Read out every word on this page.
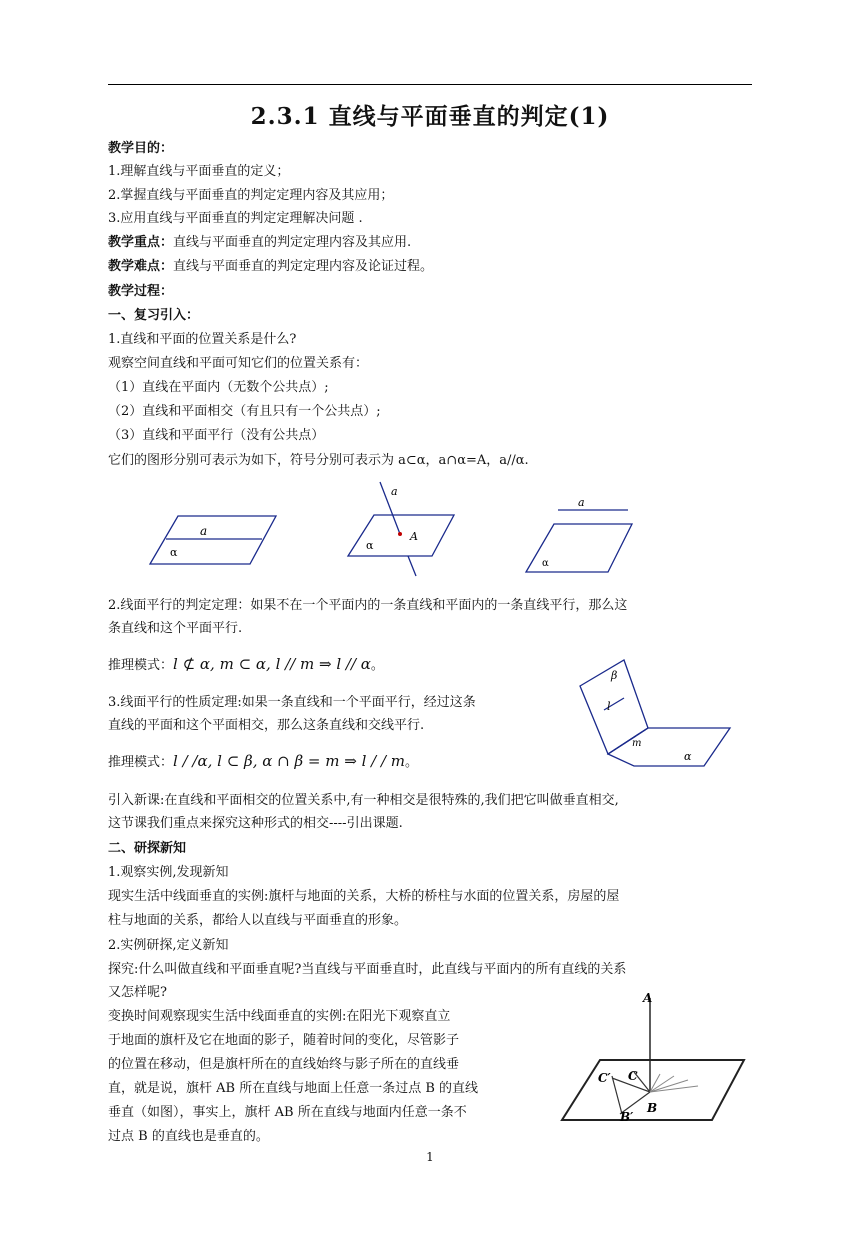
2.3.1 直线与平面垂直的判定(1)
教学目的：
1.理解直线与平面垂直的定义；
2.掌握直线与平面垂直的判定定理内容及其应用；
3.应用直线与平面垂直的判定定理解决问题 .
教学重点：直线与平面垂直的判定定理内容及其应用.
教学难点：直线与平面垂直的判定定理内容及论证过程。
教学过程：
一、复习引入：
1.直线和平面的位置关系是什么?
观察空间直线和平面可知它们的位置关系有：
（1）直线在平面内（无数个公共点）;
（2）直线和平面相交（有且只有一个公共点）;
（3）直线和平面平行（没有公共点）
它们的图形分别可表示为如下，符号分别可表示为 a⊂α，a∩α=A，a//α.
a
α
a
A
α
a
α
2.线面平行的判定定理：如果不在一个平面内的一条直线和平面内的一条直线平行，那么这
条直线和这个平面平行.
推理模式：l ⊄ α, m ⊂ α, l // m ⇒ l // α。
3.线面平行的性质定理:如果一条直线和一个平面平行，经过这条
直线的平面和这个平面相交，那么这条直线和交线平行.
推理模式：l / /α, l ⊂ β, α ∩ β = m ⇒ l / / m。
β
l
m
α
引入新课:在直线和平面相交的位置关系中,有一种相交是很特殊的,我们把它叫做垂直相交,
这节课我们重点来探究这种形式的相交----引出课题.
二、研探新知
1.观察实例,发现新知
现实生活中线面垂直的实例:旗杆与地面的关系，大桥的桥柱与水面的位置关系，房屋的屋
柱与地面的关系，都给人以直线与平面垂直的形象。
2.实例研探,定义新知
探究:什么叫做直线和平面垂直呢?当直线与平面垂直时，此直线与平面内的所有直线的关系
又怎样呢?
变换时间观察现实生活中线面垂直的实例:在阳光下观察直立
于地面的旗杆及它在地面的影子，随着时间的变化，尽管影子
的位置在移动，但是旗杆所在的直线始终与影子所在的直线垂
直，就是说，旗杆 AB 所在直线与地面上任意一条过点 B 的直线
垂直（如图），事实上，旗杆 AB 所在直线与地面内任意一条不
过点 B 的直线也是垂直的。
A
B
C
C′
B′
1
